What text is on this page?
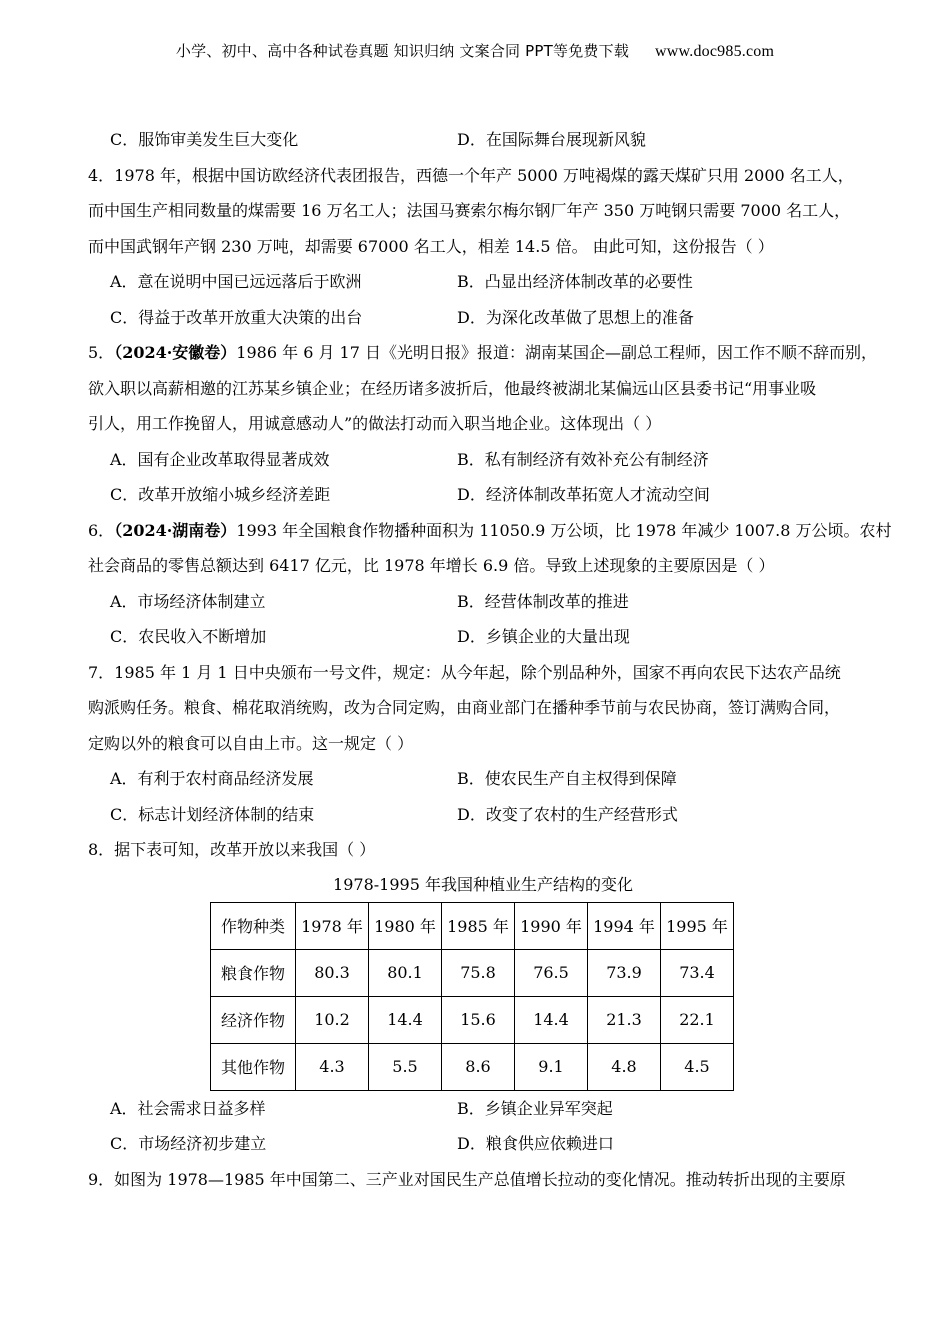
小学、初中、高中各种试卷真题 知识归纳 文案合同 PPT等免费下载 www.doc985.com
C．服饰审美发生巨大变化	D．在国际舞台展现新风貌
4．1978 年，根据中国访欧经济代表团报告，西德一个年产 5000 万吨褐煤的露天煤矿只用 2000 名工人，
而中国生产相同数量的煤需要 16 万名工人；法国马赛索尔梅尔钢厂年产 350 万吨钢只需要 7000 名工人，
而中国武钢年产钢 230 万吨，却需要 67000 名工人，相差 14.5 倍。 由此可知，这份报告（ ）
A．意在说明中国已远远落后于欧洲	B．凸显出经济体制改革的必要性
C．得益于改革开放重大决策的出台	D．为深化改革做了思想上的准备
5．（2024·安徽卷）1986 年 6 月 17 日《光明日报》报道：湖南某国企—副总工程师，因工作不顺不辞而别，
欲入职以高薪相邀的江苏某乡镇企业；在经历诸多波折后，他最终被湖北某偏远山区县委书记“用事业吸
引人，用工作挽留人，用诚意感动人”的做法打动而入职当地企业。这体现出（ ）
A．国有企业改革取得显著成效	B．私有制经济有效补充公有制经济
C．改革开放缩小城乡经济差距	D．经济体制改革拓宽人才流动空间
6．（2024·湖南卷）1993 年全国粮食作物播种面积为 11050.9 万公顷，比 1978 年减少 1007.8 万公顷。农村
社会商品的零售总额达到 6417 亿元，比 1978 年增长 6.9 倍。导致上述现象的主要原因是（ ）
A．市场经济体制建立	B．经营体制改革的推进
C．农民收入不断增加	D．乡镇企业的大量出现
7．1985 年 1 月 1 日中央颁布一号文件，规定：从今年起，除个别品种外，国家不再向农民下达农产品统
购派购任务。粮食、棉花取消统购，改为合同定购，由商业部门在播种季节前与农民协商，签订满购合同，
定购以外的粮食可以自由上市。这一规定（ ）
A．有利于农村商品经济发展	B．使农民生产自主权得到保障
C．标志计划经济体制的结束	D．改变了农村的生产经营形式
8．据下表可知，改革开放以来我国（ ）
1978-1995 年我国种植业生产结构的变化
作物种类	1978 年	1980 年	1985 年	1990 年	1994 年	1995 年
粮食作物	80.3	80.1	75.8	76.5	73.9	73.4
经济作物	10.2	14.4	15.6	14.4	21.3	22.1
其他作物	4.3	5.5	8.6	9.1	4.8	4.5
A．社会需求日益多样	B．乡镇企业异军突起
C．市场经济初步建立	D．粮食供应依赖进口
9．如图为 1978—1985 年中国第二、三产业对国民生产总值增长拉动的变化情况。推动转折出现的主要原
